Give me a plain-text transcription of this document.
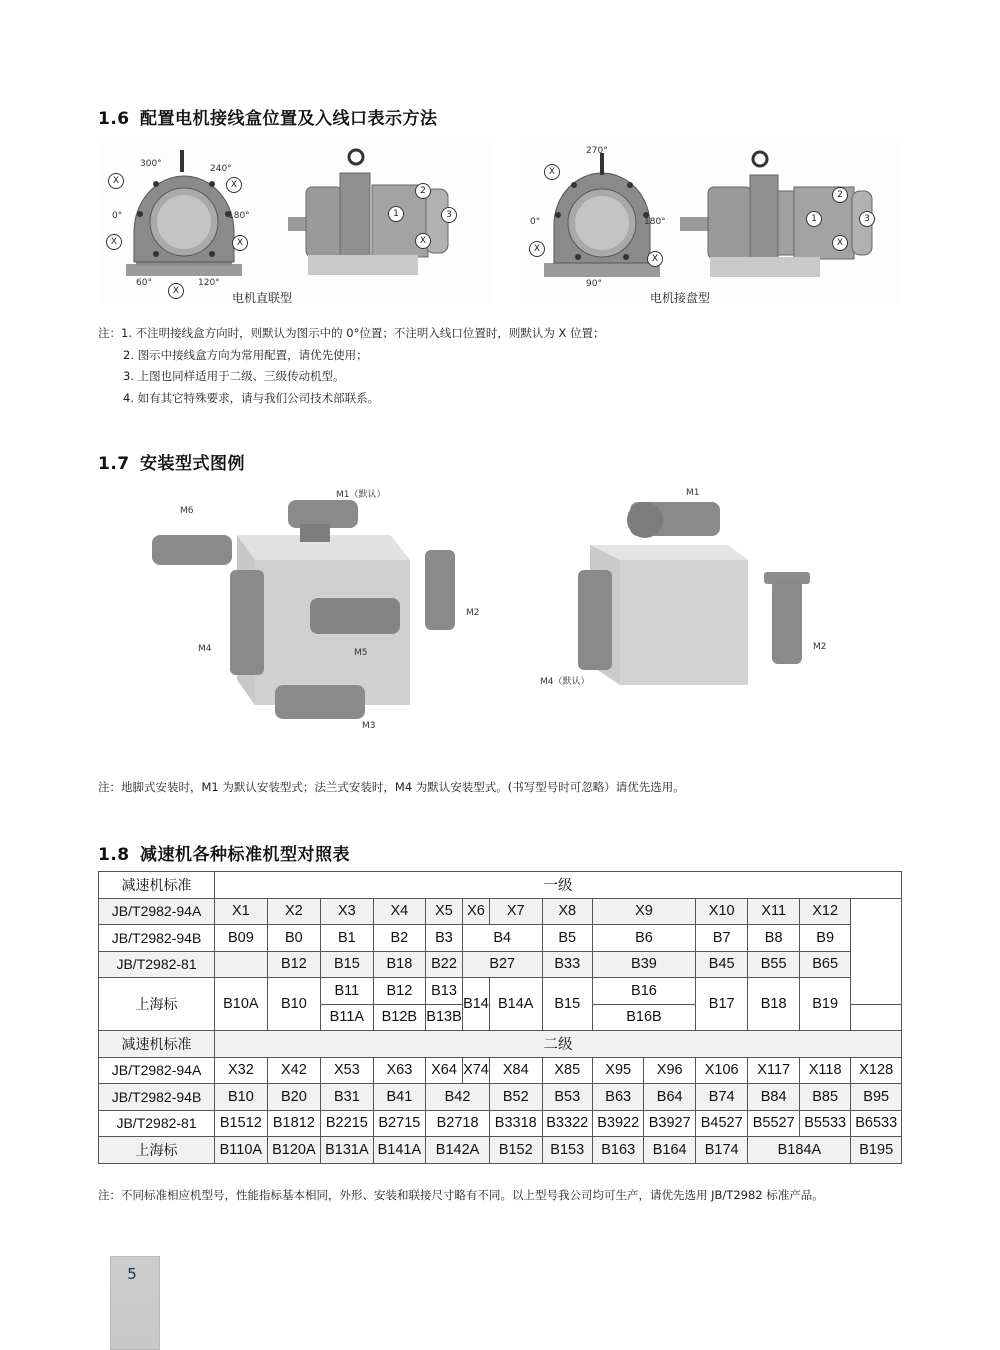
1.6 配置电机接线盒位置及入线口表示方法
300°	240°
0°	180°
60°	120°
X	X
X	X
X
2
1	3
X
电机直联型
270°
0°	180°
90°
X
X
X
2
1	3
X
电机接盘型
注：1. 不注明接线盒方向时，则默认为图示中的 0°位置；不注明入线口位置时，则默认为 X 位置；
2. 图示中接线盒方向为常用配置，请优先使用；
3. 上图也同样适用于二级、三级传动机型。
4. 如有其它特殊要求，请与我们公司技术部联系。
1.7 安装型式图例
M1（默认）
M6
M2
M4	M5
M3
M1
M2
M4（默认）
注：地脚式安装时，M1 为默认安装型式；法兰式安装时，M4 为默认安装型式。(书写型号时可忽略）请优先选用。
1.8 减速机各种标准机型对照表
减速机标准	一级													
JB/T2982-94A	X1	X2	X3	X4	X5	X6	X7	X8	X9		X10	X11	X12	
JB/T2982-94B	B09	B0	B1	B2	B3	B4		B5	B6		B7	B8	B9	
JB/T2982-81		B12	B15	B18	B22	B27		B33	B39		B45	B55	B65	
上海标	B10A	B10	B11	B12	B13	B14	B14A	B15	B16		B17	B18	B19	
			B11A	B12B	B13B				B16B					
减速机标准	二级													
JB/T2982-94A	X32	X42	X53	X63	X64	X74	X84	X85	X95	X96	X106	X117	X118	X128
JB/T2982-94B	B10	B20	B31	B41	B42		B52	B53	B63	B64	B74	B84	B85	B95
JB/T2982-81	B1512	B1812	B2215	B2715	B2718		B3318	B3322	B3922	B3927	B4527	B5527	B5533	B6533
上海标	B110A	B120A	B131A	B141A	B142A		B152	B153	B163	B164	B174	B184A		B195
注：不同标准相应机型号，性能指标基本相同，外形、安装和联接尺寸略有不同。以上型号我公司均可生产，请优先选用 JB/T2982 标准产品。
5
